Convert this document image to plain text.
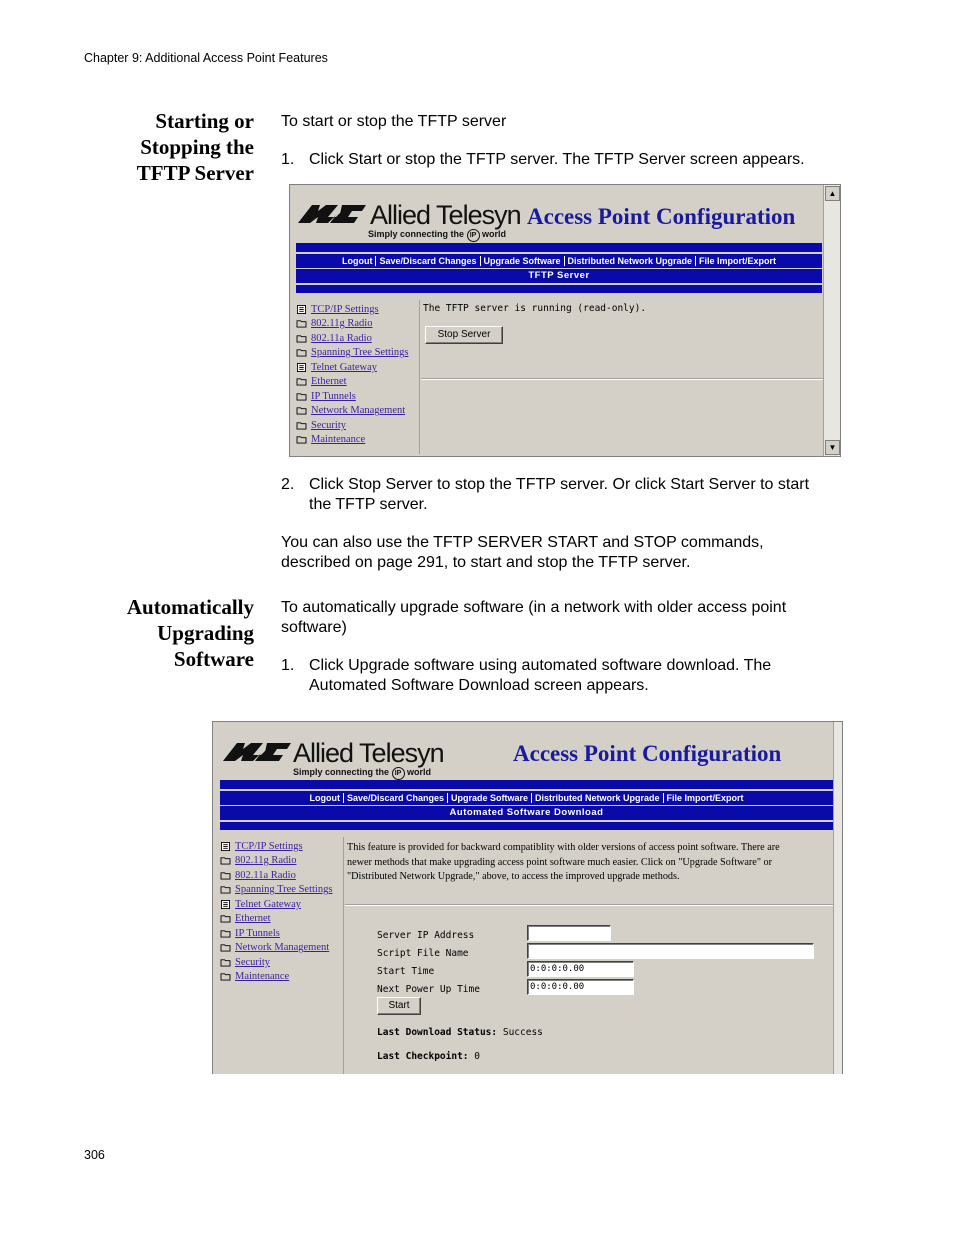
Chapter 9: Additional Access Point Features
Starting or
Stopping the
TFTP Server
To start or stop the TFTP server
1. Click Start or stop the TFTP server. The TFTP Server screen appears.
▲
▼
Allied Telesyn
Simply connecting the IP world
Access Point Configuration
Logout Save/Discard Changes Upgrade Software Distributed Network Upgrade File Import/Export
TFTP Server
TCP/IP Settings
802.11g Radio
802.11a Radio
Spanning Tree Settings
Telnet Gateway
Ethernet
IP Tunnels
Network Management
Security
Maintenance
The TFTP server is running (read-only).
Stop Server
2. Click Stop Server to stop the TFTP server. Or click Start Server to start
the TFTP server.
You can also use the TFTP SERVER START and STOP commands,
described on page 291, to start and stop the TFTP server.
Automatically
Upgrading
Software
To automatically upgrade software (in a network with older access point
software)
1. Click Upgrade software using automated software download. The
Automated Software Download screen appears.
Allied Telesyn
Simply connecting the IP world
Access Point Configuration
Logout Save/Discard Changes Upgrade Software Distributed Network Upgrade File Import/Export
Automated Software Download
TCP/IP Settings
802.11g Radio
802.11a Radio
Spanning Tree Settings
Telnet Gateway
Ethernet
IP Tunnels
Network Management
Security
Maintenance
This feature is provided for backward compatiblity with older versions of access point software. There are
newer methods that make upgrading access point software much easier. Click on "Upgrade Software" or
"Distributed Network Upgrade," above, to access the improved upgrade methods.
Server IP Address
Script File Name
Start Time	0:0:0:0.00
Next Power Up Time	0:0:0:0.00
Start
Last Download Status: Success
Last Checkpoint: 0
306
